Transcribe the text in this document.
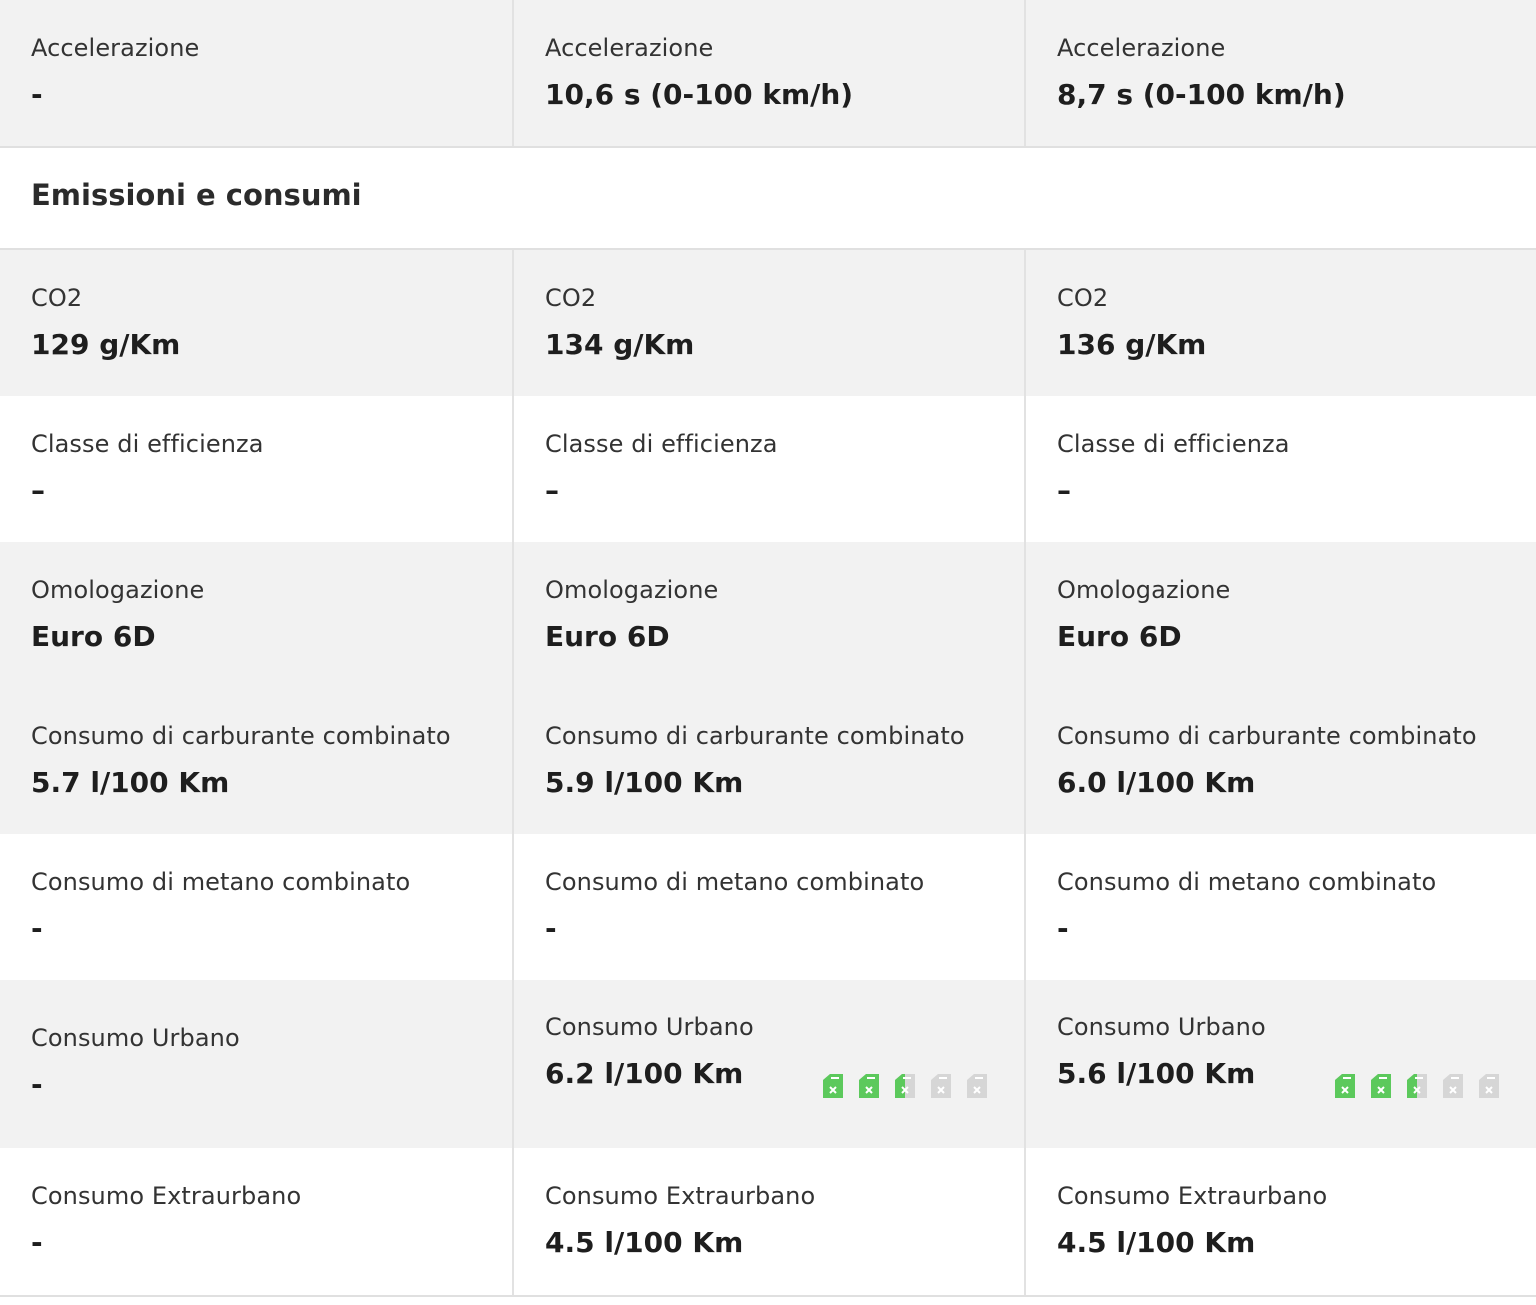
Accelerazione
-
Accelerazione
10,6 s (0-100 km/h)
Accelerazione
8,7 s (0-100 km/h)
Emissioni e consumi
CO2
129 g/Km
CO2
134 g/Km
CO2
136 g/Km
Classe di efficienza
–
Classe di efficienza
–
Classe di efficienza
–
Omologazione
Euro 6D
Consumo di carburante combinato
5.7 l/100 Km
Omologazione
Euro 6D
Consumo di carburante combinato
5.9 l/100 Km
Omologazione
Euro 6D
Consumo di carburante combinato
6.0 l/100 Km
Consumo di metano combinato
-
Consumo di metano combinato
-
Consumo di metano combinato
-
Consumo Urbano
-
Consumo Urbano
6.2 l/100 Km
Consumo Urbano
5.6 l/100 Km
Consumo Extraurbano
-
Consumo Extraurbano
4.5 l/100 Km
Consumo Extraurbano
4.5 l/100 Km
